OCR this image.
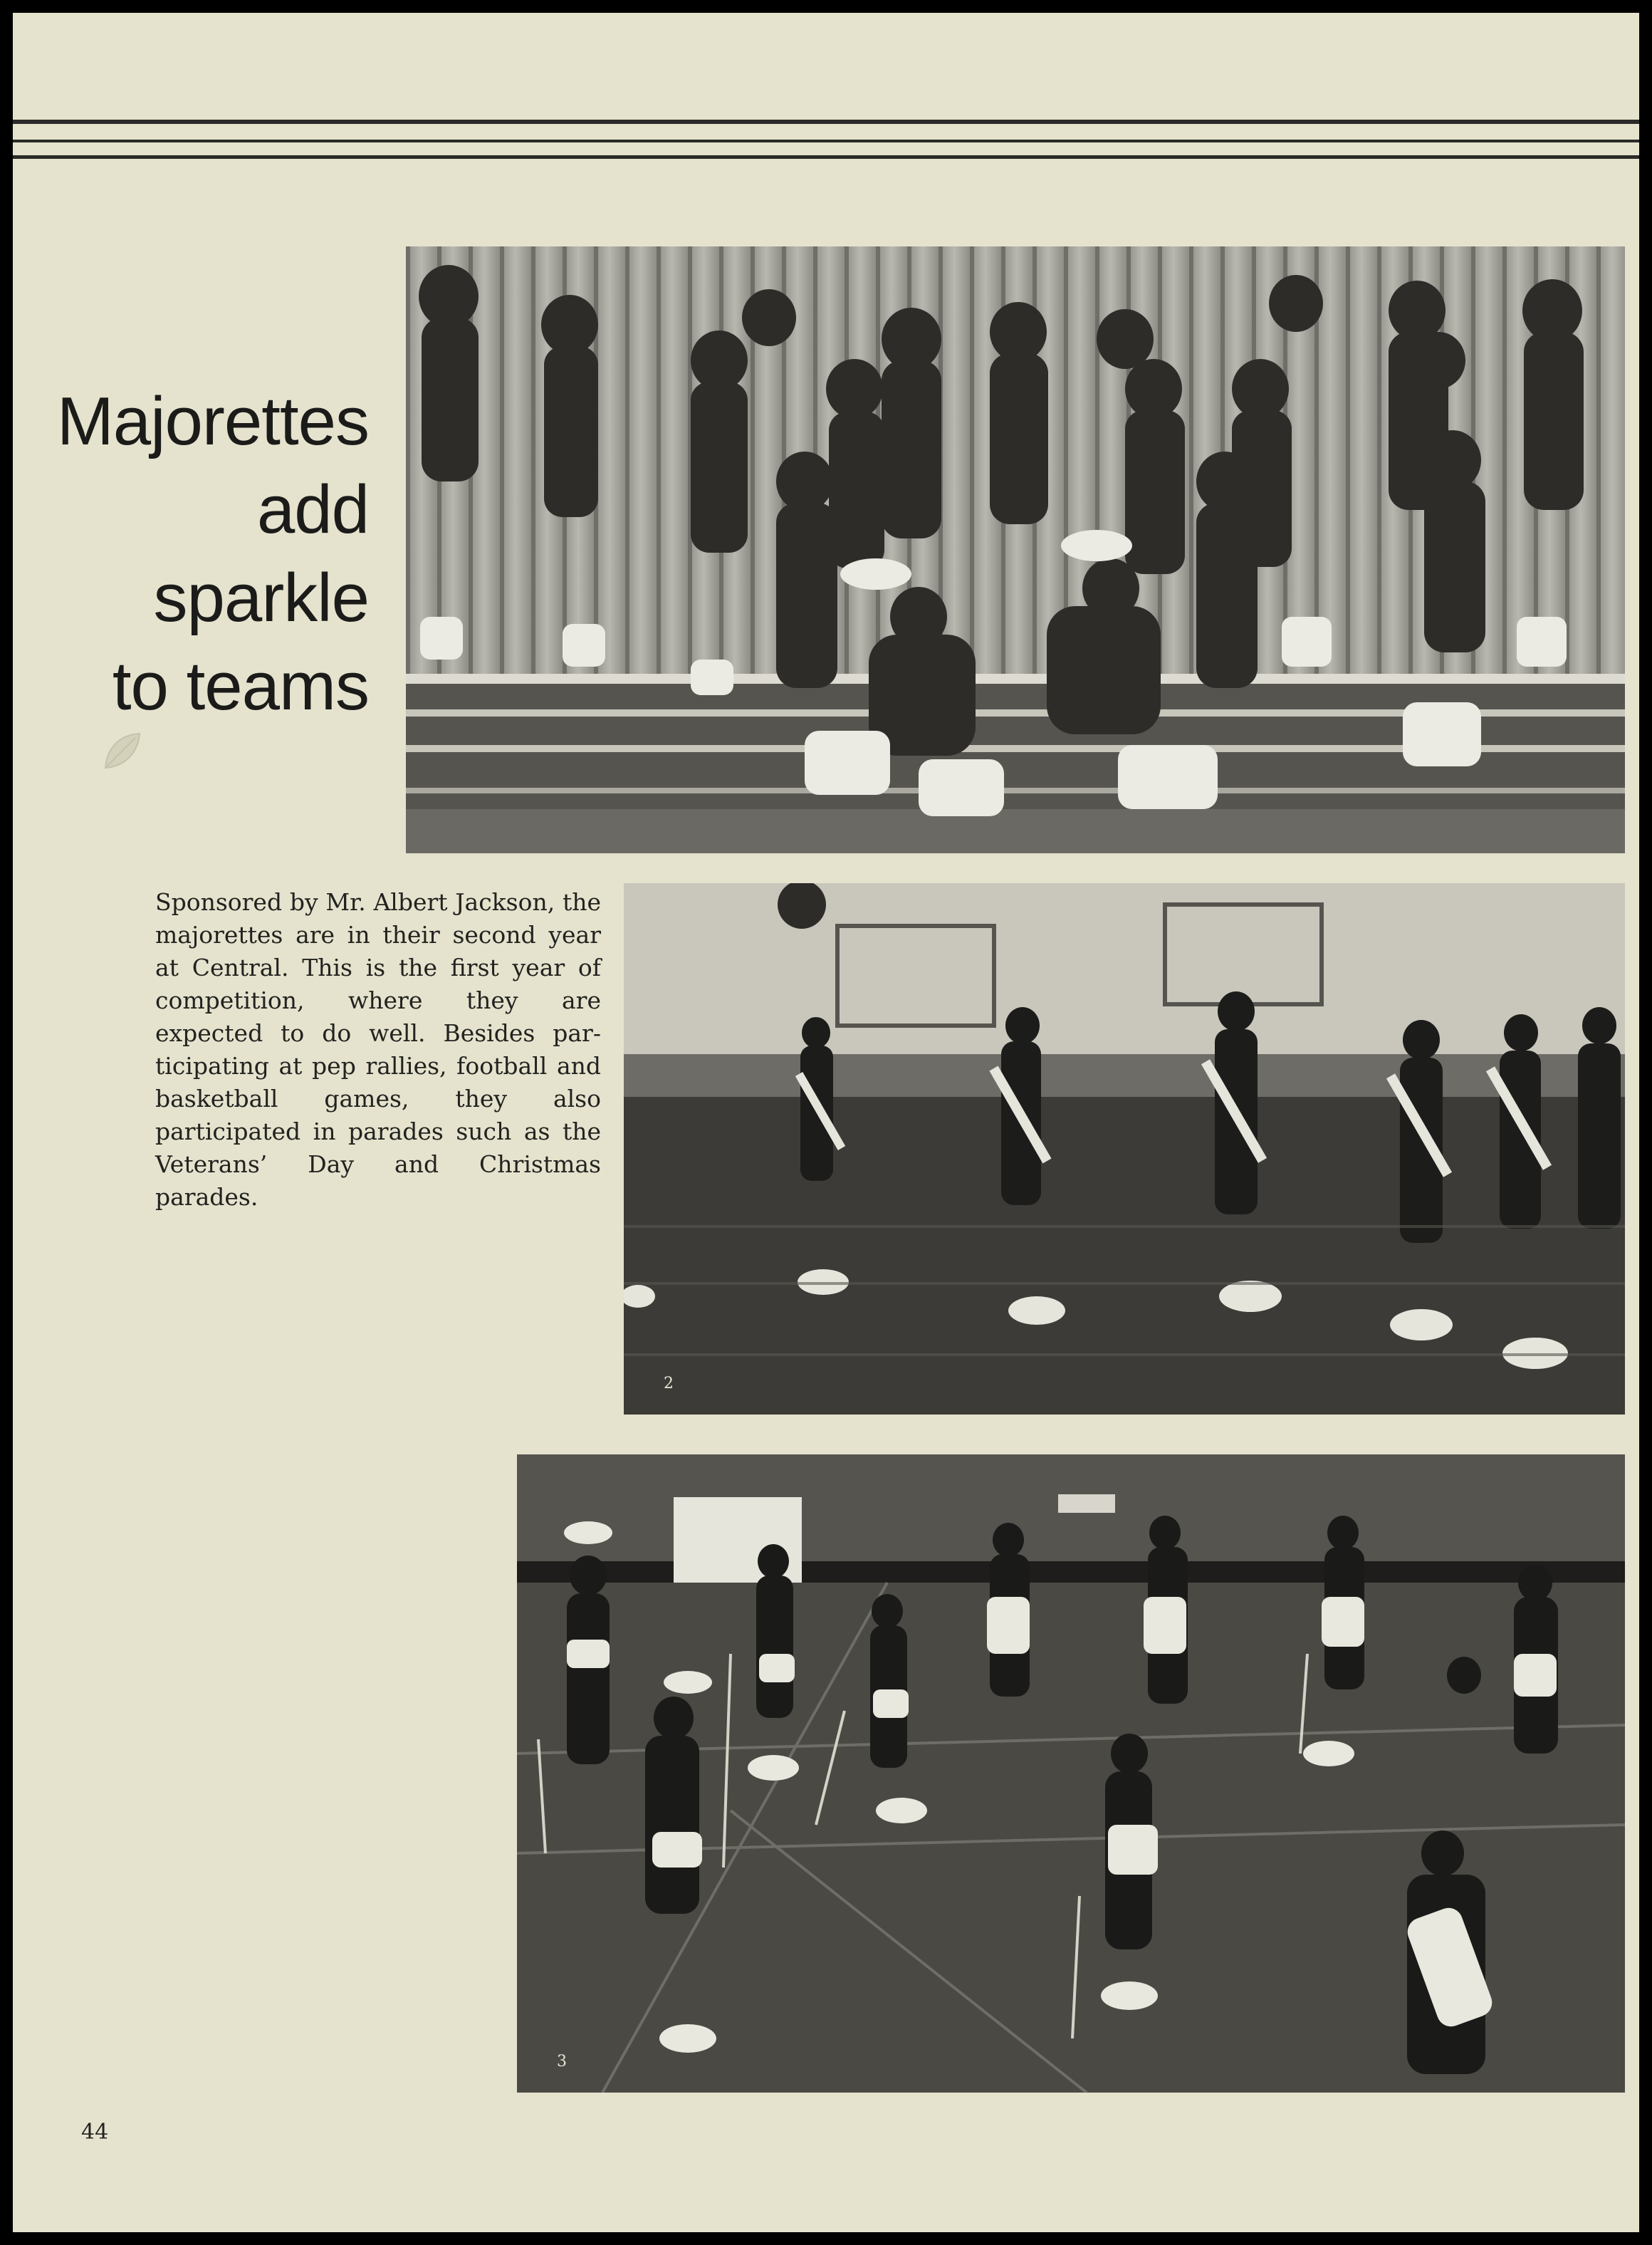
Majorettes
add
sparkle
to teams
Sponsored by Mr. Albert Jackson, the majorettes are in their second year at Central. This is the first year of competition, where they are expected to do well. Besides participating at pep rallies, football and basketball games, they also participated in parades such as the Veterans’ Day and Christmas parades.
2
3
44
